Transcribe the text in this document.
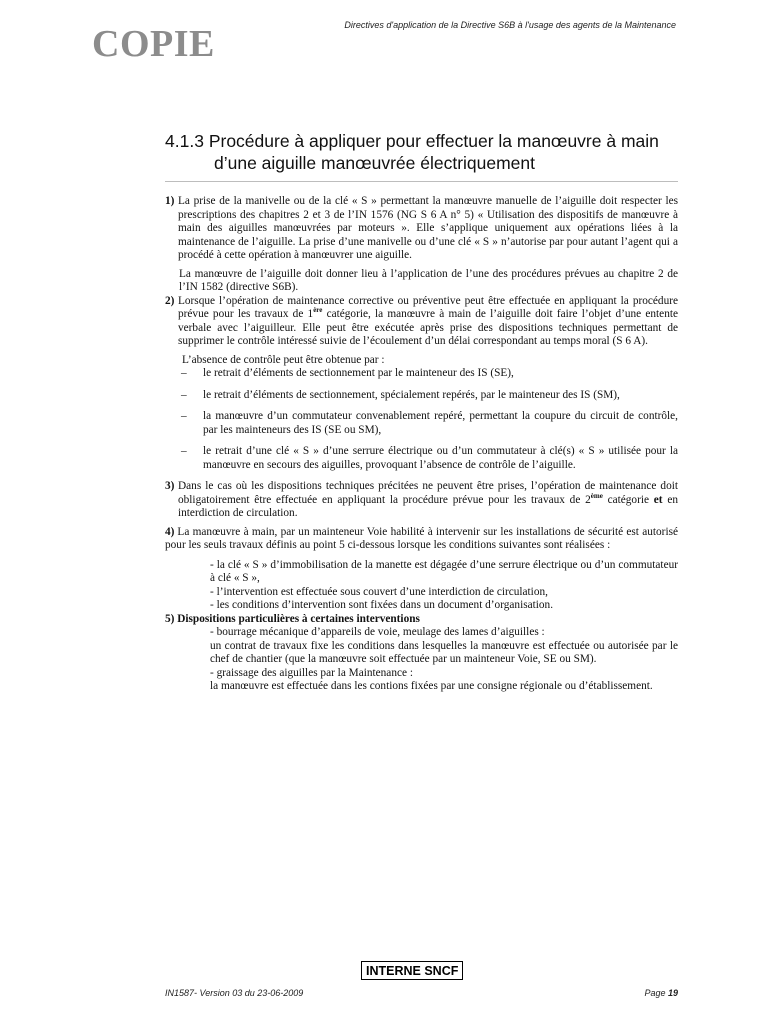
COPIE	Directives d'application de la Directive S6B à l'usage des agents de la Maintenance
4.1.3 Procédure à appliquer pour effectuer la manœuvre à main
d’une aiguille manœuvrée électriquement
1) La prise de la manivelle ou de la clé « S » permettant la manœuvre manuelle de l’aiguille doit respecter les prescriptions des chapitres 2 et 3 de l’IN 1576 (NG S 6 A n° 5) « Utilisation des dispositifs de manœuvre à main des aiguilles manœuvrées par moteurs ». Elle s’applique uniquement aux opérations liées à la maintenance de l’aiguille. La prise d’une manivelle ou d’une clé « S » n’autorise par pour autant l’agent qui a procédé à cette opération à manœuvrer une aiguille.

La manœuvre de l’aiguille doit donner lieu à l’application de l’une des procédures prévues au chapitre 2 de l’IN 1582 (directive S6B).

2) Lorsque l’opération de maintenance corrective ou préventive peut être effectuée en appliquant la procédure prévue pour les travaux de 1ère catégorie, la manœuvre à main de l’aiguille doit faire l’objet d’une entente verbale avec l’aiguilleur. Elle peut être exécutée après prise des dispositions techniques permettant de supprimer le contrôle intéressé suivie de l’écoulement d’un délai correspondant au temps moral (S 6 A).

L’absence de contrôle peut être obtenue par :

– le retrait d’éléments de sectionnement par le mainteneur des IS (SE),

– le retrait d’éléments de sectionnement, spécialement repérés, par le mainteneur des IS (SM),

– la manœuvre d’un commutateur convenablement repéré, permettant la coupure du circuit de contrôle, par les mainteneurs des IS (SE ou SM),

– le retrait d’une clé « S » d’une serrure électrique ou d’un commutateur à clé(s) « S » utilisée pour la manœuvre en secours des aiguilles, provoquant l’absence de contrôle de l’aiguille.

3) Dans le cas où les dispositions techniques précitées ne peuvent être prises, l’opération de maintenance doit obligatoirement être effectuée en appliquant la procédure prévue pour les travaux de 2ème catégorie et en interdiction de circulation.

4) La manœuvre à main, par un mainteneur Voie habilité à intervenir sur les installations de sécurité est autorisé pour les seuls travaux définis au point 5 ci-dessous lorsque les conditions suivantes sont réalisées :

- la clé « S » d’immobilisation de la manette est dégagée d’une serrure électrique ou d’un commutateur à clé « S »,

- l’intervention est effectuée sous couvert d’une interdiction de circulation,

- les conditions d’intervention sont fixées dans un document d’organisation.

5) Dispositions particulières à certaines interventions

- bourrage mécanique d’appareils de voie, meulage des lames d’aiguilles :

un contrat de travaux fixe les conditions dans lesquelles la manœuvre est effectuée ou autorisée par le chef de chantier (que la manœuvre soit effectuée par un mainteneur Voie, SE ou SM).

- graissage des aiguilles par la Maintenance :

la manœuvre est effectuée dans les contions fixées par une consigne régionale ou d’établissement.

INTERNE SNCF
IN1587- Version 03 du 23-06-2009	Page 19
